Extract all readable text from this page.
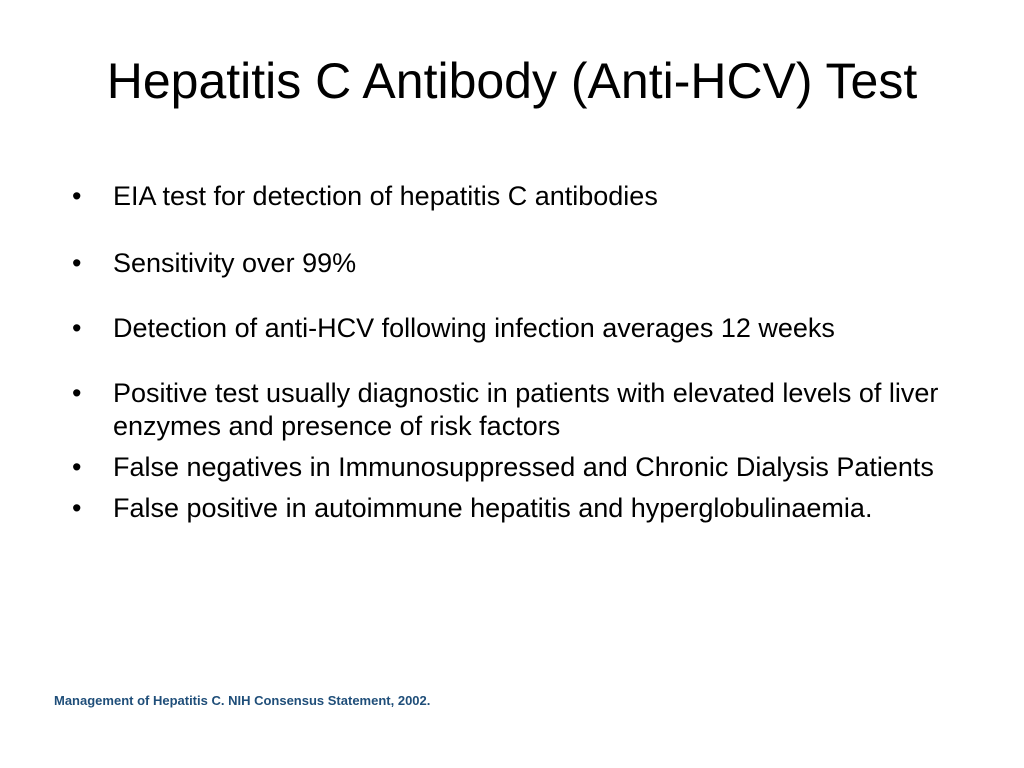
Hepatitis C Antibody (Anti-HCV) Test
•
EIA test for detection of hepatitis C antibodies
•
Sensitivity over 99%
•
Detection of anti-HCV following infection averages 12 weeks
•
Positive test usually diagnostic in patients with elevated levels of liver enzymes and presence of risk factors
•
False negatives in Immunosuppressed and Chronic Dialysis Patients
•
False positive in autoimmune hepatitis and hyperglobulinaemia.
Management of Hepatitis C. NIH Consensus Statement, 2002.
